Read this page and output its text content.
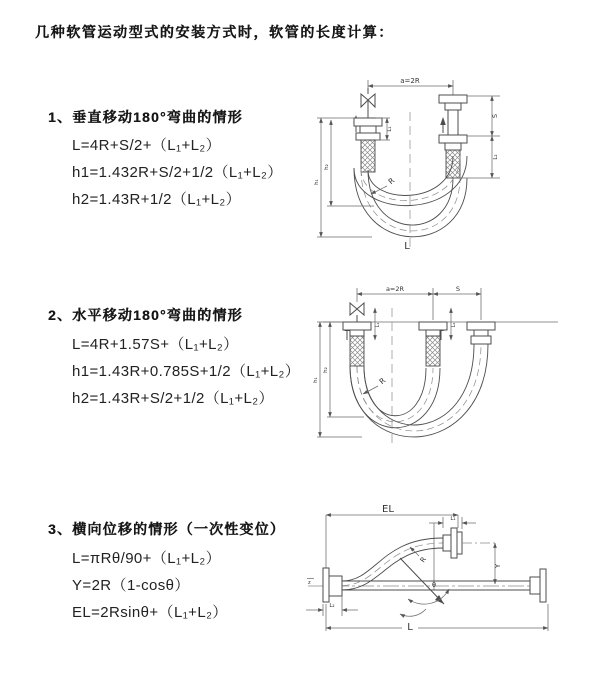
几种软管运动型式的安装方式时，软管的长度计算：
1、垂直移动180°弯曲的情形
L=4R+S/2+（L₁+L₂）
h1=1.432R+S/2+1/2（L₁+L₂）
h2=1.43R+1/2（L₁+L₂）
2、水平移动180°弯曲的情形
L=4R+1.57S+（L₁+L₂）
h1=1.43R+0.785S+1/2（L₁+L₂）
h2=1.43R+S/2+1/2（L₁+L₂）
3、横向位移的情形（一次性变位）
L=πRθ/90+（L₁+L₂）
Y=2R（1-cosθ）
EL=2Rsinθ+（L₁+L₂）
a=2R
L₁
S
L₂
h₁
h₂
R
L
a=2R	S
L₁	L₂
h₁
h₂
R
EL
L₁
z
Y
θ
R
L
L₂
